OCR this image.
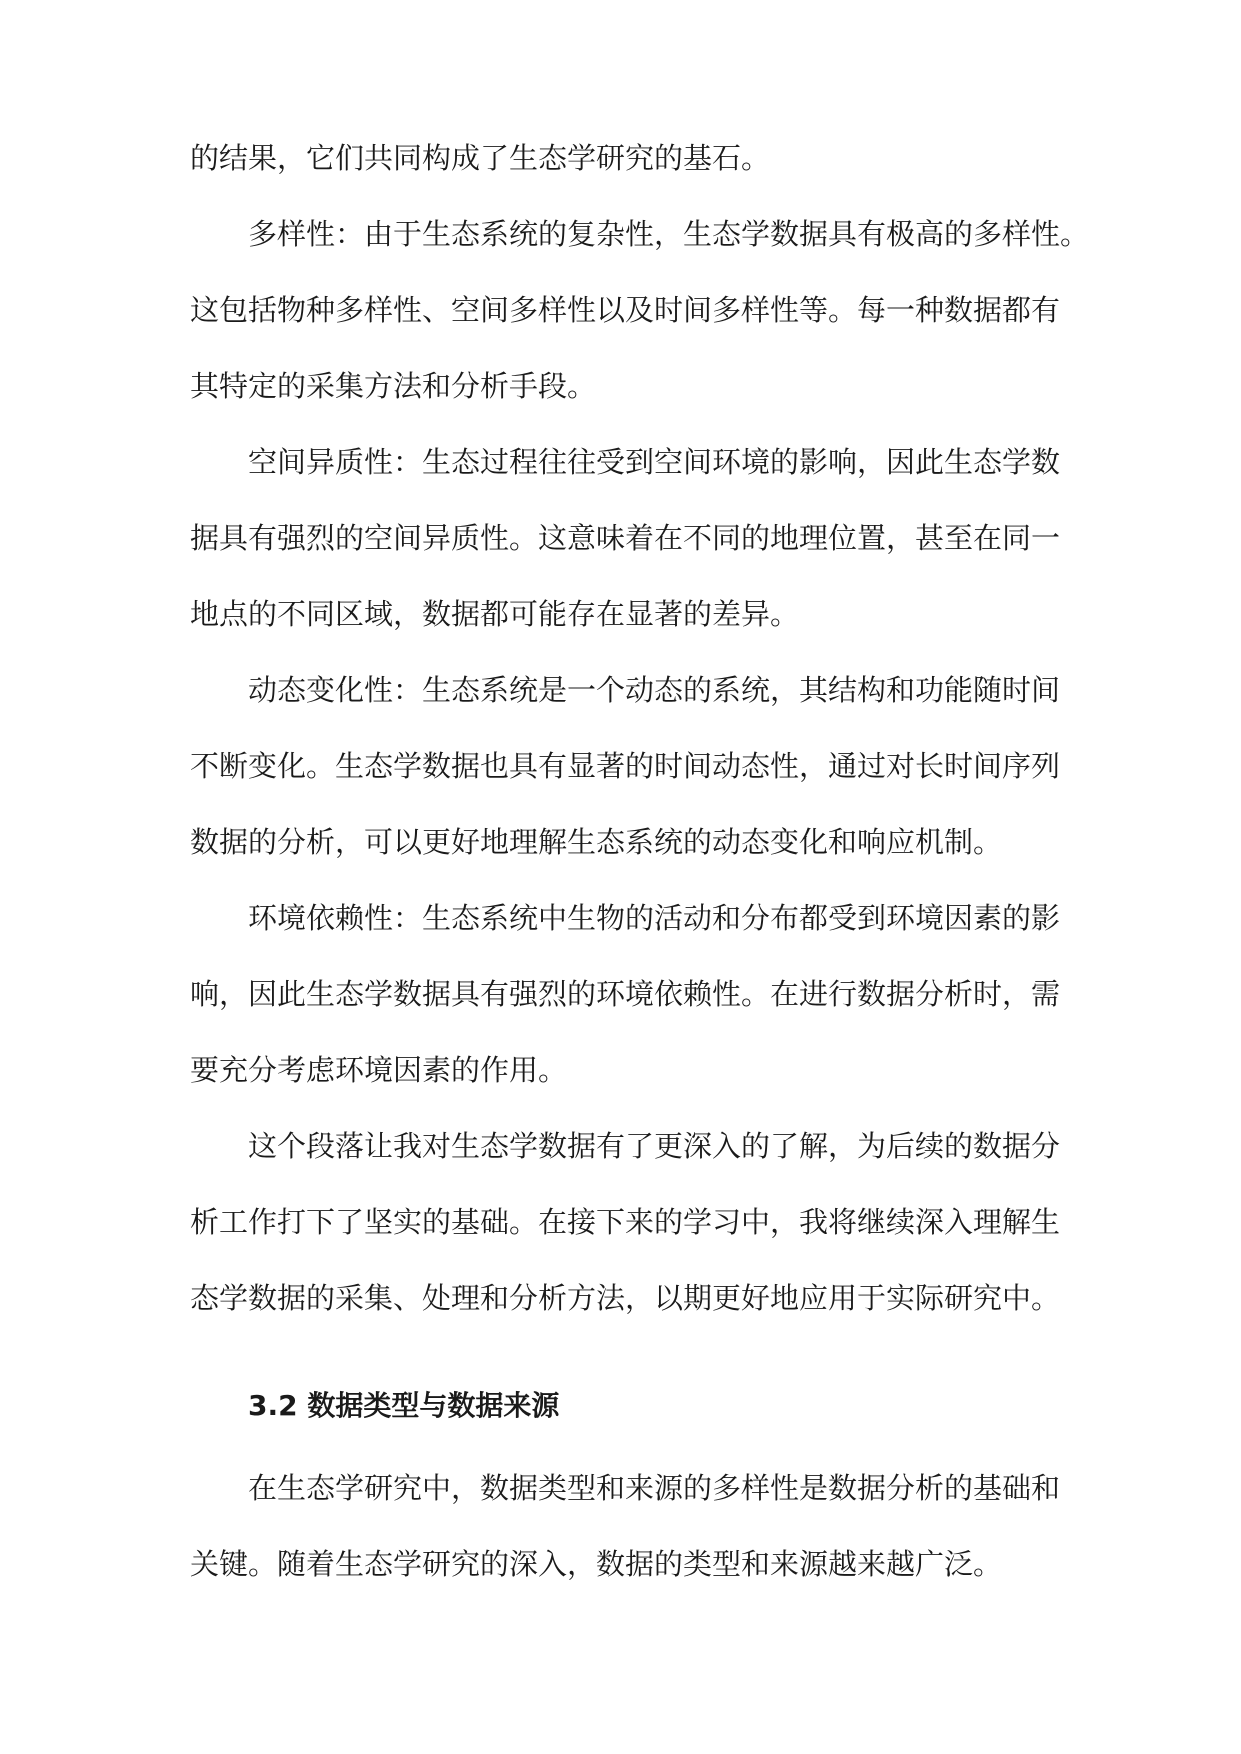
的结果，它们共同构成了生态学研究的基石。
多样性：由于生态系统的复杂性，生态学数据具有极高的多样性。
这包括物种多样性、空间多样性以及时间多样性等。每一种数据都有
其特定的采集方法和分析手段。
空间异质性：生态过程往往受到空间环境的影响，因此生态学数
据具有强烈的空间异质性。这意味着在不同的地理位置，甚至在同一
地点的不同区域，数据都可能存在显著的差异。
动态变化性：生态系统是一个动态的系统，其结构和功能随时间
不断变化。生态学数据也具有显著的时间动态性，通过对长时间序列
数据的分析，可以更好地理解生态系统的动态变化和响应机制。
环境依赖性：生态系统中生物的活动和分布都受到环境因素的影
响，因此生态学数据具有强烈的环境依赖性。在进行数据分析时，需
要充分考虑环境因素的作用。
这个段落让我对生态学数据有了更深入的了解，为后续的数据分
析工作打下了坚实的基础。在接下来的学习中，我将继续深入理解生
态学数据的采集、处理和分析方法，以期更好地应用于实际研究中。
3.2 数据类型与数据来源
在生态学研究中，数据类型和来源的多样性是数据分析的基础和
关键。随着生态学研究的深入，数据的类型和来源越来越广泛。
